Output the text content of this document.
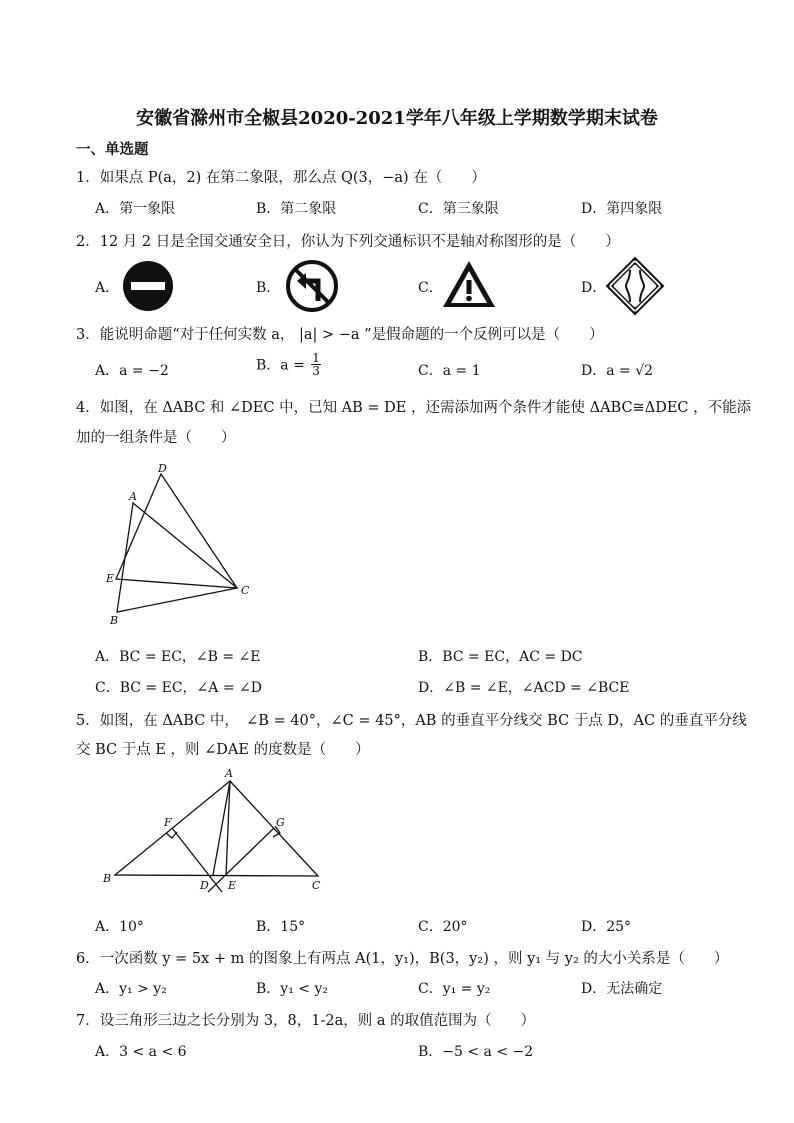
安徽省滁州市全椒县2020-2021学年八年级上学期数学期末试卷
一、单选题
1．如果点 P(a，2) 在第二象限，那么点 Q(3，−a) 在（　　）
A．第一象限	B．第二象限	C．第三象限	D．第四象限
2．12 月 2 日是全国交通安全日，你认为下列交通标识不是轴对称图形的是（　　）
A．	B．	C．	D．
3．能说明命题“对于任何实数 a， |a| > −a ”是假命题的一个反例可以是（　　）
A．a = −2	B．$a = \frac{1}{3}$	C．a = 1	D．a = √2
4．如图，在 ΔABC 和 ∠DEC 中，已知 AB = DE ，还需添加两个条件才能使 ΔABC≅ΔDEC ，不能添
加的一组条件是（　　）
D
A
E
C
B
A．BC = EC，∠B = ∠E	B．BC = EC，AC = DC
C．BC = EC，∠A = ∠D	D．∠B = ∠E，∠ACD = ∠BCE
5．如图，在 ΔABC 中，　∠B = 40°，∠C = 45°，AB 的垂直平分线交 BC 于点 D，AC 的垂直平分线
交 BC 于点 E ，则 ∠DAE 的度数是（　　）
A
F	G
B
D E	C
A．10°	B．15°	C．20°	D．25°
6．一次函数 y = 5x + m 的图象上有两点 A(1，y₁)，B(3，y₂) ，则 y₁ 与 y₂ 的大小关系是（　　）
A．y₁ > y₂	B．y₁ < y₂	C．y₁ = y₂	D．无法确定
7．设三角形三边之长分别为 3，8，1-2a，则 a 的取值范围为（　　）
A．3 < a < 6	B．−5 < a < −2
